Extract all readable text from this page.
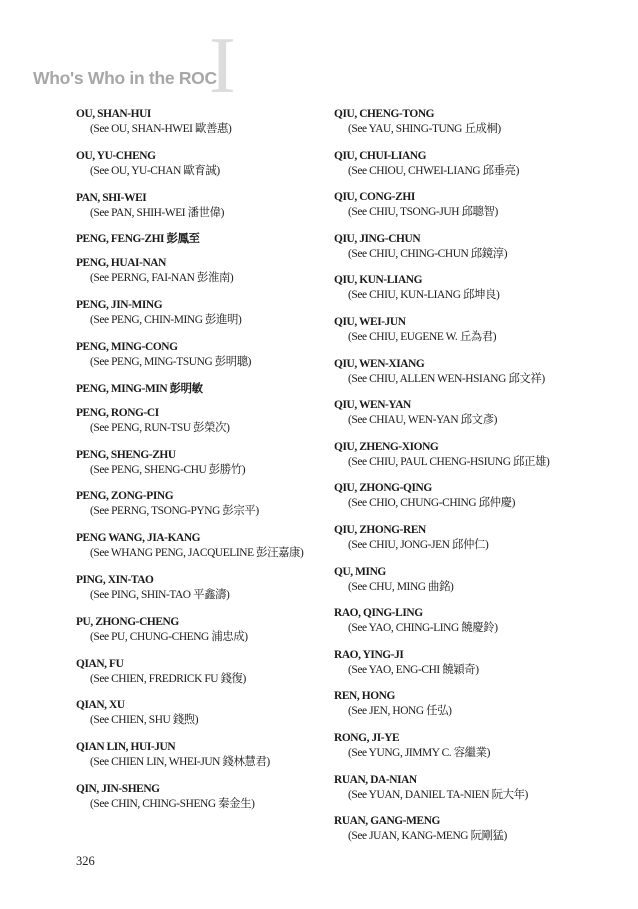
I
Who's Who in the ROC
OU, SHAN-HUI
(See OU, SHAN-HWEI 歐善惠)
OU, YU-CHENG
(See OU, YU-CHAN 歐育誠)
PAN, SHI-WEI
(See PAN, SHIH-WEI 潘世偉)
PENG, FENG-ZHI 彭鳳至
PENG, HUAI-NAN
(See PERNG, FAI-NAN 彭淮南)
PENG, JIN-MING
(See PENG, CHIN-MING 彭進明)
PENG, MING-CONG
(See PENG, MING-TSUNG 彭明聰)
PENG, MING-MIN 彭明敏
PENG, RONG-CI
(See PENG, RUN-TSU 彭榮次)
PENG, SHENG-ZHU
(See PENG, SHENG-CHU 彭勝竹)
PENG, ZONG-PING
(See PERNG, TSONG-PYNG 彭宗平)
PENG WANG, JIA-KANG
(See WHANG PENG, JACQUELINE 彭汪嘉康)
PING, XIN-TAO
(See PING, SHIN-TAO 平鑫濤)
PU, ZHONG-CHENG
(See PU, CHUNG-CHENG 浦忠成)
QIAN, FU
(See CHIEN, FREDRICK FU 錢復)
QIAN, XU
(See CHIEN, SHU 錢煦)
QIAN LIN, HUI-JUN
(See CHIEN LIN, WHEI-JUN 錢林慧君)
QIN, JIN-SHENG
(See CHIN, CHING-SHENG 秦金生)
QIU, CHENG-TONG
(See YAU, SHING-TUNG 丘成桐)
QIU, CHUI-LIANG
(See CHIOU, CHWEI-LIANG 邱垂亮)
QIU, CONG-ZHI
(See CHIU, TSONG-JUH 邱聰智)
QIU, JING-CHUN
(See CHIU, CHING-CHUN 邱鏡淳)
QIU, KUN-LIANG
(See CHIU, KUN-LIANG 邱坤良)
QIU, WEI-JUN
(See CHIU, EUGENE W. 丘為君)
QIU, WEN-XIANG
(See CHIU, ALLEN WEN-HSIANG 邱文祥)
QIU, WEN-YAN
(See CHIAU, WEN-YAN 邱文彥)
QIU, ZHENG-XIONG
(See CHIU, PAUL CHENG-HSIUNG 邱正雄)
QIU, ZHONG-QING
(See CHIO, CHUNG-CHING 邱仲慶)
QIU, ZHONG-REN
(See CHIU, JONG-JEN 邱仲仁)
QU, MING
(See CHU, MING 曲銘)
RAO, QING-LING
(See YAO, CHING-LING 饒慶鈴)
RAO, YING-JI
(See YAO, ENG-CHI 饒穎奇)
REN, HONG
(See JEN, HONG 任弘)
RONG, JI-YE
(See YUNG, JIMMY C. 容繼業)
RUAN, DA-NIAN
(See YUAN, DANIEL TA-NIEN 阮大年)
RUAN, GANG-MENG
(See JUAN, KANG-MENG 阮剛猛)
326
